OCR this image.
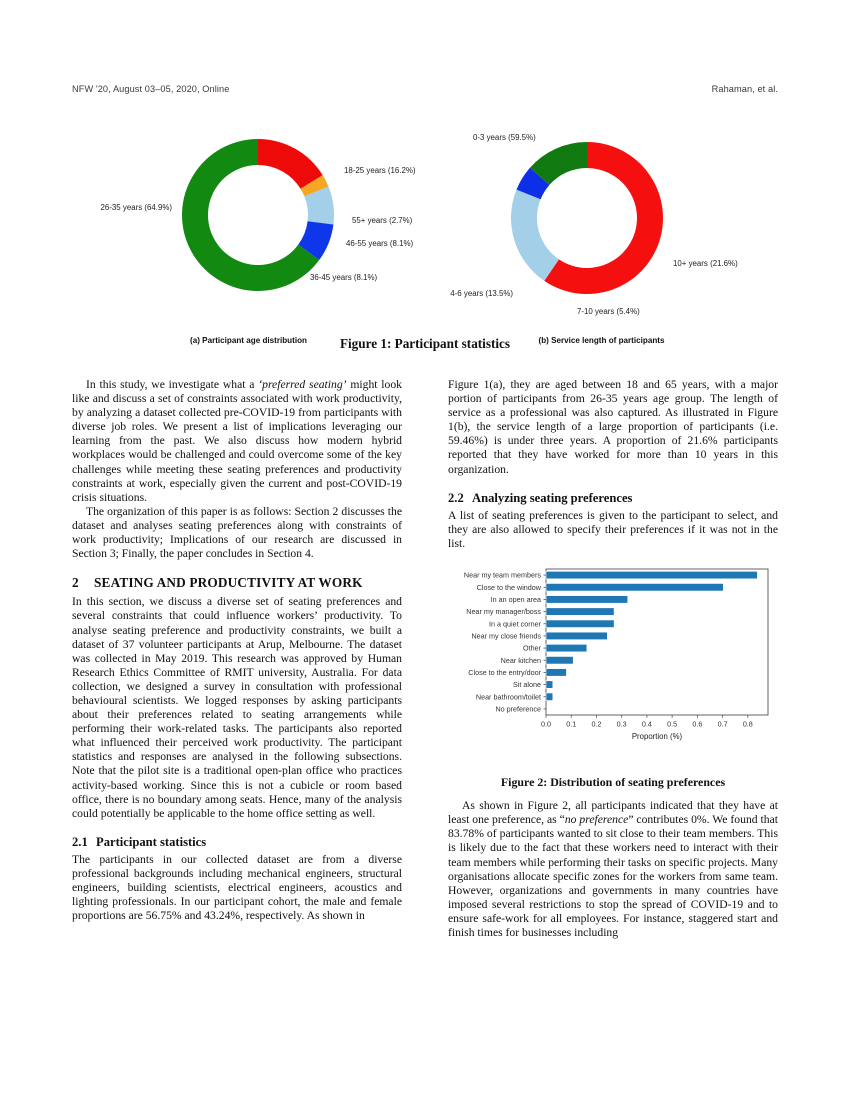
NFW '20, August 03–05, 2020, Online	Rahaman, et al.
18-25 years (16.2%)
55+ years (2.7%)
46-55 years (8.1%)
36-45 years (8.1%)
26-35 years (64.9%)
(a) Participant age distribution
0-3 years (59.5%)
10+ years (21.6%)
7-10 years (5.4%)
4-6 years (13.5%)
(b) Service length of participants
Figure 1: Participant statistics

In this study, we investigate what a ‘preferred seating’ might look like and discuss a set of constraints associated with work productivity, by analyzing a dataset collected pre-COVID-19 from participants with diverse job roles. We present a list of implications leveraging our learning from the past. We also discuss how modern hybrid workplaces would be challenged and could overcome some of the key challenges while meeting these seating preferences and productivity constraints at work, especially given the current and post-COVID-19 crisis situations.

The organization of this paper is as follows: Section 2 discusses the dataset and analyses seating preferences along with constraints of work productivity; Implications of our research are discussed in Section 3; Finally, the paper concludes in Section 4.

2 SEATING AND PRODUCTIVITY AT WORK

In this section, we discuss a diverse set of seating preferences and several constraints that could influence workers’ productivity. To analyse seating preference and productivity constraints, we built a dataset of 37 volunteer participants at Arup, Melbourne. The dataset was collected in May 2019. This research was approved by Human Research Ethics Committee of RMIT university, Australia. For data collection, we designed a survey in consultation with professional behavioural scientists. We logged responses by asking participants about their preferences related to seating arrangements while performing their work-related tasks. The participants also reported what influenced their perceived work productivity. The participant statistics and responses are analysed in the following subsections. Note that the pilot site is a traditional open-plan office who practices activity-based working. Since this is not a cubicle or room based office, there is no boundary among seats. Hence, many of the analysis could potentially be applicable to the home office setting as well.

2.1 Participant statistics

The participants in our collected dataset are from a diverse professional backgrounds including mechanical engineers, structural engineers, building scientists, electrical engineers, acoustics and lighting professionals. In our participant cohort, the male and female proportions are 56.75% and 43.24%, respectively. As shown in

Figure 1(a), they are aged between 18 and 65 years, with a major portion of participants from 26-35 years age group. The length of service as a professional was also captured. As illustrated in Figure 1(b), the service length of a large proportion of participants (i.e. 59.46%) is under three years. A proportion of 21.6% participants reported that they have worked for more than 10 years in this organization.

2.2 Analyzing seating preferences

A list of seating preferences is given to the participant to select, and they are also allowed to specify their preferences if it was not in the list.

Near my team members
Close to the window
In an open area
Near my manager/boss
In a quiet corner
Near my close friends
Other
Near kitchen
Close to the entry/door
Sit alone
Near bathroom/toilet
No preference
0.0 0.1 0.2 0.3 0.4 0.5 0.6 0.7 0.8
Proportion (%)
Figure 2: Distribution of seating preferences

As shown in Figure 2, all participants indicated that they have at least one preference, as “no preference” contributes 0%. We found that 83.78% of participants wanted to sit close to their team members. This is likely due to the fact that these workers need to interact with their team members while performing their tasks on specific projects. Many organisations allocate specific zones for the workers from same team. However, organizations and governments in many countries have imposed several restrictions to stop the spread of COVID-19 and to ensure safe-work for all employees. For instance, staggered start and finish times for businesses including
